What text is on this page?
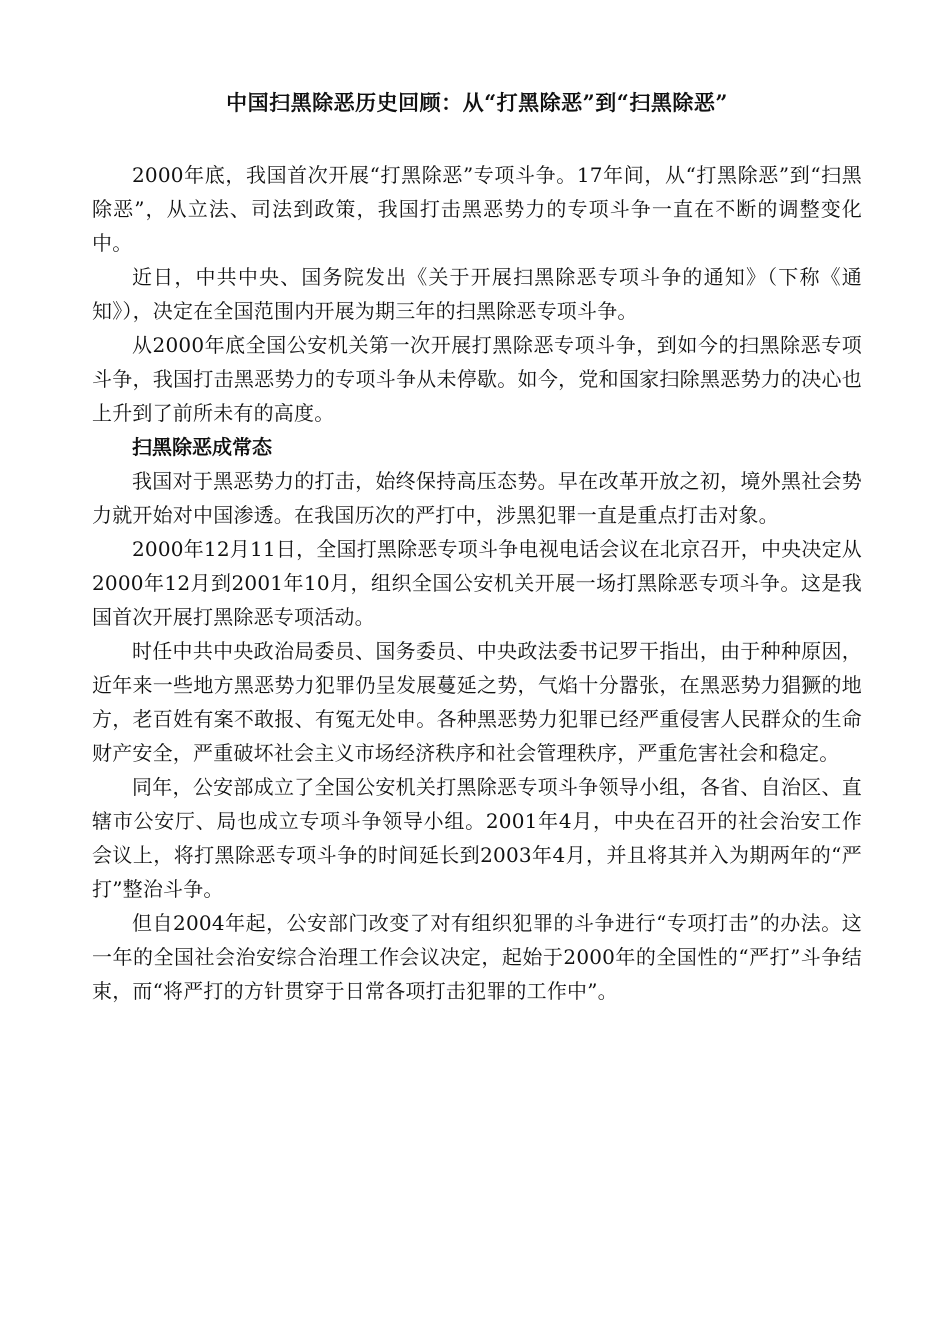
中国扫黑除恶历史回顾：从“打黑除恶”到“扫黑除恶”

2000年底，我国首次开展“打黑除恶”专项斗争。17年间，从“打黑除恶”到“扫黑除恶”，从立法、司法到政策，我国打击黑恶势力的专项斗争一直在不断的调整变化中。

近日，中共中央、国务院发出《关于开展扫黑除恶专项斗争的通知》（下称《通知》），决定在全国范围内开展为期三年的扫黑除恶专项斗争。

从2000年底全国公安机关第一次开展打黑除恶专项斗争，到如今的扫黑除恶专项斗争，我国打击黑恶势力的专项斗争从未停歇。如今，党和国家扫除黑恶势力的决心也上升到了前所未有的高度。

扫黑除恶成常态

我国对于黑恶势力的打击，始终保持高压态势。早在改革开放之初，境外黑社会势力就开始对中国渗透。在我国历次的严打中，涉黑犯罪一直是重点打击对象。

2000年12月11日，全国打黑除恶专项斗争电视电话会议在北京召开，中央决定从2000年12月到2001年10月，组织全国公安机关开展一场打黑除恶专项斗争。这是我国首次开展打黑除恶专项活动。

时任中共中央政治局委员、国务委员、中央政法委书记罗干指出，由于种种原因，近年来一些地方黑恶势力犯罪仍呈发展蔓延之势，气焰十分嚣张，在黑恶势力猖獗的地方，老百姓有案不敢报、有冤无处申。各种黑恶势力犯罪已经严重侵害人民群众的生命财产安全，严重破坏社会主义市场经济秩序和社会管理秩序，严重危害社会和稳定。

同年，公安部成立了全国公安机关打黑除恶专项斗争领导小组，各省、自治区、直辖市公安厅、局也成立专项斗争领导小组。2001年4月，中央在召开的社会治安工作会议上，将打黑除恶专项斗争的时间延长到2003年4月，并且将其并入为期两年的“严打”整治斗争。

但自2004年起，公安部门改变了对有组织犯罪的斗争进行“专项打击”的办法。这一年的全国社会治安综合治理工作会议决定，起始于2000年的全国性的“严打”斗争结束，而“将严打的方针贯穿于日常各项打击犯罪的工作中”。
